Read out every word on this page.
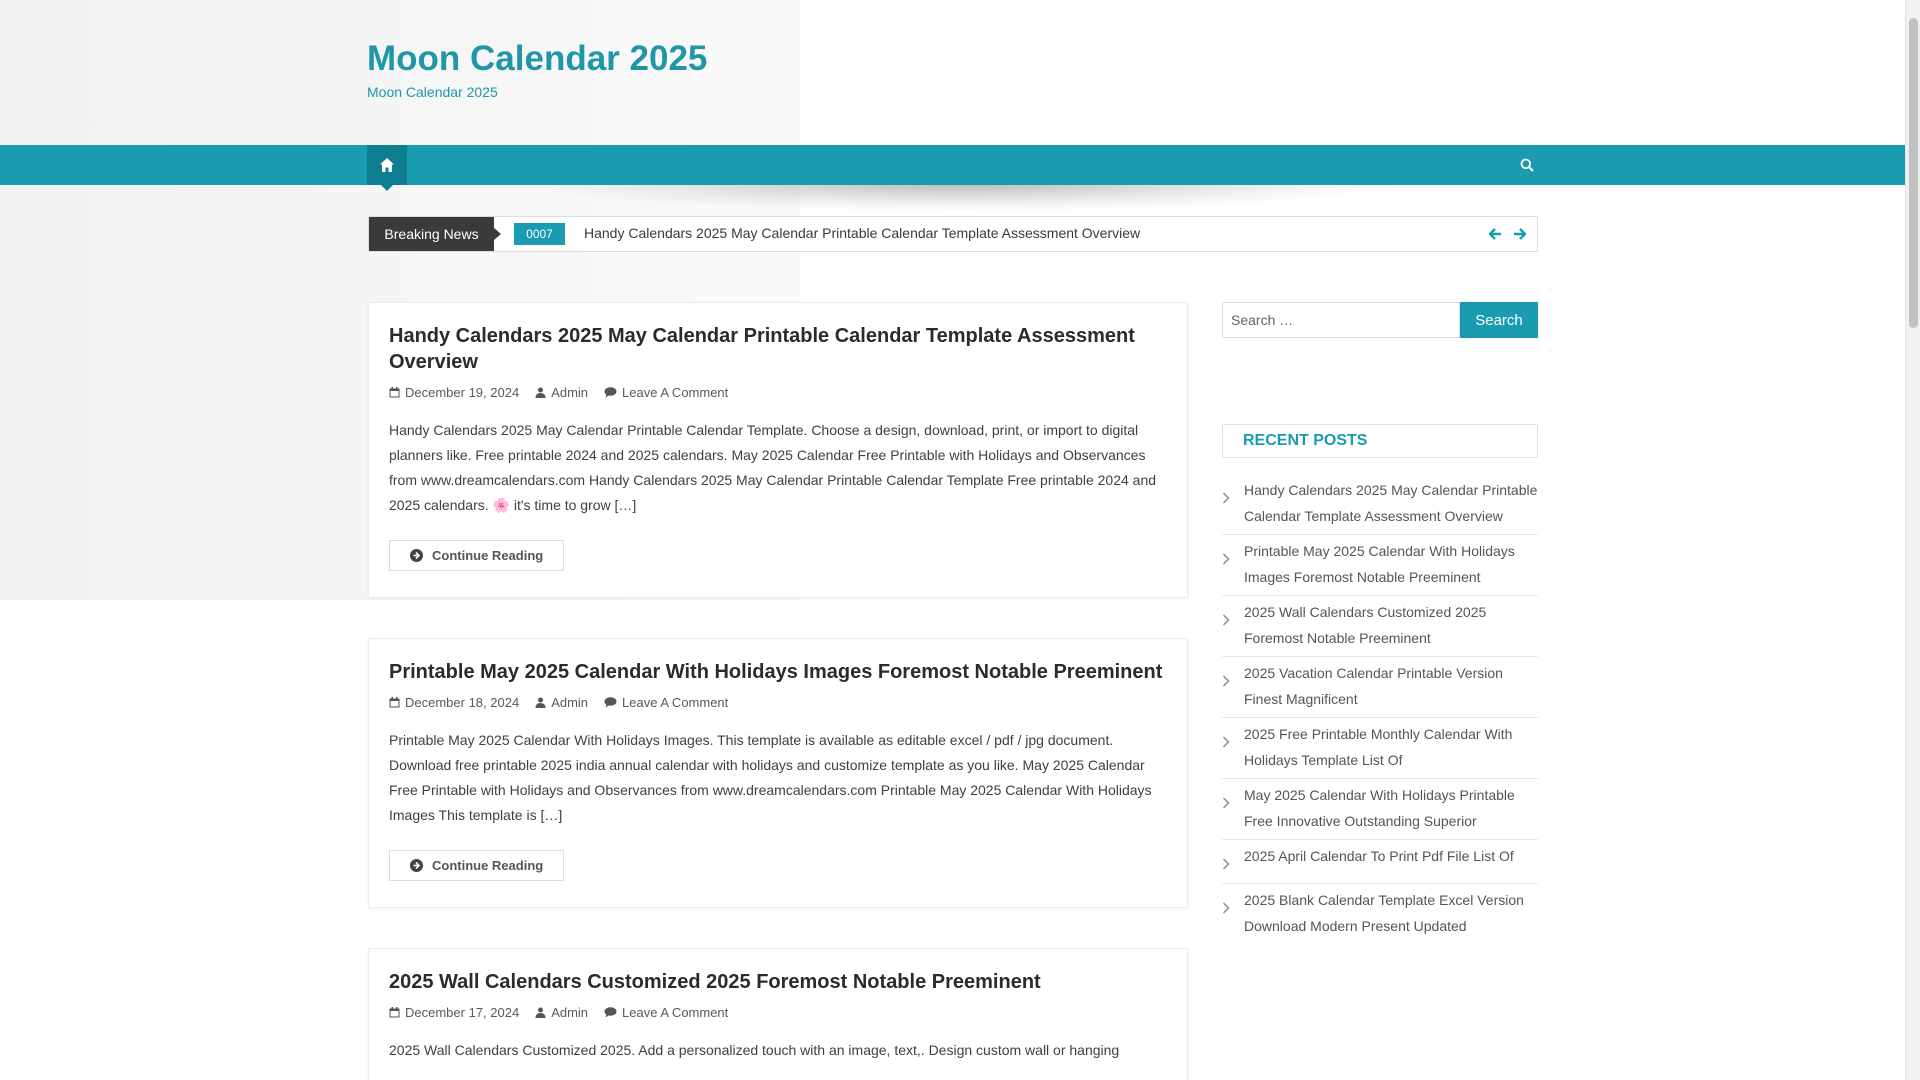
Moon Calendar 2025
Moon Calendar 2025
Breaking News	0007	Handy Calendars 2025 May Calendar Printable Calendar Template Assessment Overview
Handy Calendars 2025 May Calendar Printable Calendar Template Assessment Overview
December 19, 2024 Admin	Leave A Comment

Handy Calendars 2025 May Calendar Printable Calendar Template. Choose a design, download, print, or import to digital planners like. Free printable 2024 and 2025 calendars. May 2025 Calendar Free Printable with Holidays and Observances from www.dreamcalendars.com Handy Calendars 2025 May Calendar Printable Calendar Template Free printable 2024 and 2025 calendars. 🌸 it's time to grow […]

Continue Reading
Printable May 2025 Calendar With Holidays Images Foremost Notable Preeminent
December 18, 2024 Admin	Leave A Comment

Printable May 2025 Calendar With Holidays Images. This template is available as editable excel / pdf / jpg document. Download free printable 2025 india annual calendar with holidays and customize template as you like. May 2025 Calendar Free Printable with Holidays and Observances from www.dreamcalendars.com Printable May 2025 Calendar With Holidays Images This template is […]

Continue Reading
2025 Wall Calendars Customized 2025 Foremost Notable Preeminent
December 17, 2024 Admin	Leave A Comment

2025 Wall Calendars Customized 2025. Add a personalized touch with an image, text,. Design custom wall or hanging

Search …	Search
RECENT POSTS
Handy Calendars 2025 May Calendar Printable Calendar Template Assessment Overview
Printable May 2025 Calendar With Holidays Images Foremost Notable Preeminent
2025 Wall Calendars Customized 2025 Foremost Notable Preeminent
2025 Vacation Calendar Printable Version Finest Magnificent
2025 Free Printable Monthly Calendar With Holidays Template List Of
May 2025 Calendar With Holidays Printable Free Innovative Outstanding Superior
2025 April Calendar To Print Pdf File List Of
2025 Blank Calendar Template Excel Version Download Modern Present Updated
